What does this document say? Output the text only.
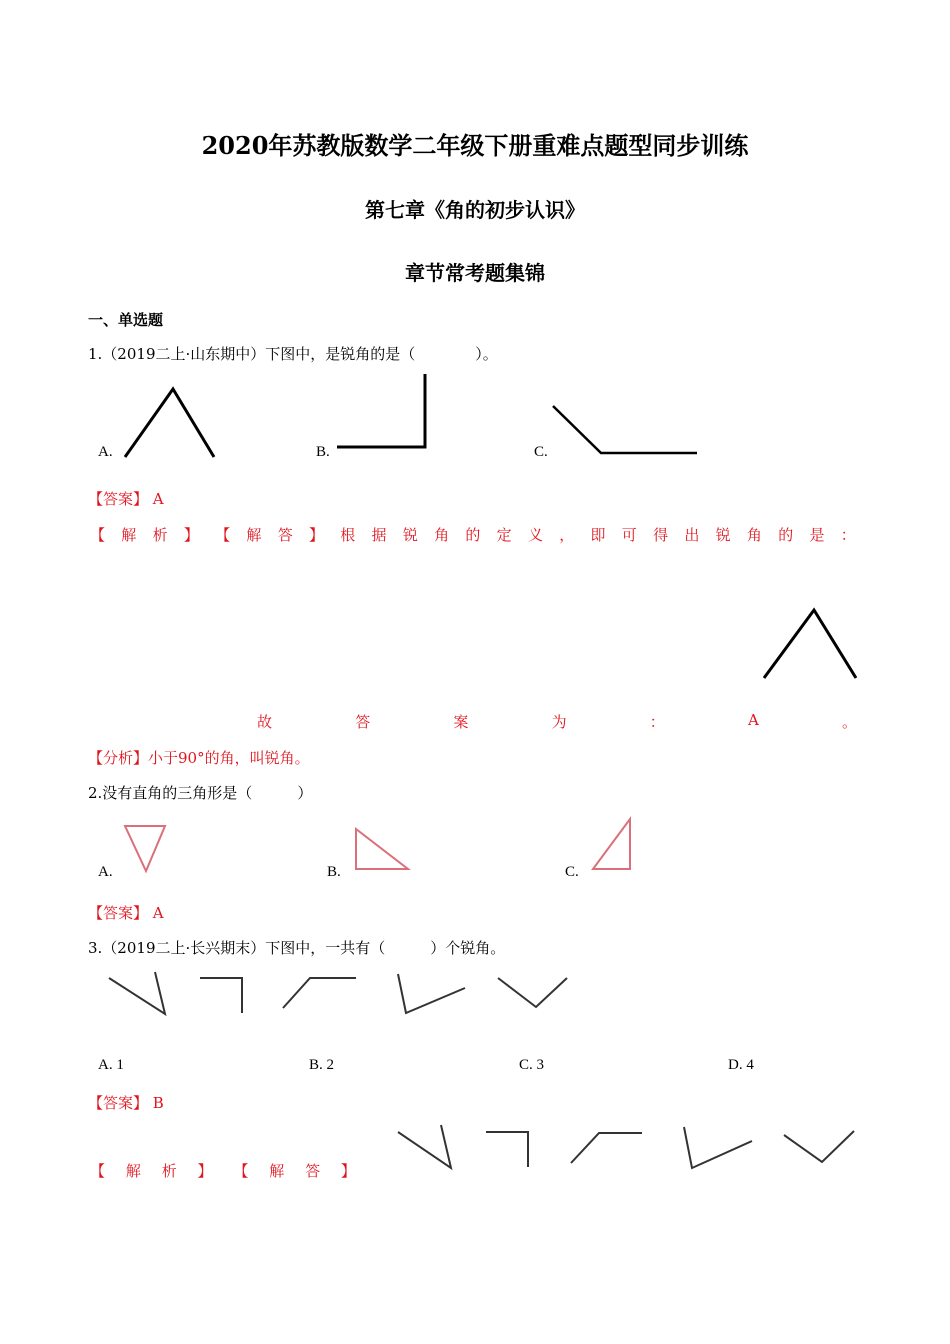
2020年苏教版数学二年级下册重难点题型同步训练
第七章《角的初步认识》
章节常考题集锦
一、单选题
1.（2019二上·山东期中）下图中，是锐角的是（　　　　）。
A.	B.	C.
【答案】 A
【 解 析 】 【 解 答 】 根 据 锐 角 的 定 义 ， 即 可 得 出 锐 角 的 是 ：
故	答	案	为	：	A	。
【分析】小于90°的角，叫锐角。
2.没有直角的三角形是（　　　）
A.	B.	C.
【答案】 A
3.（2019二上·长兴期末）下图中，一共有（　　　）个锐角。
A. 1	B. 2	C. 3	D. 4
【答案】 B
【 解 析 】 【 解 答 】
